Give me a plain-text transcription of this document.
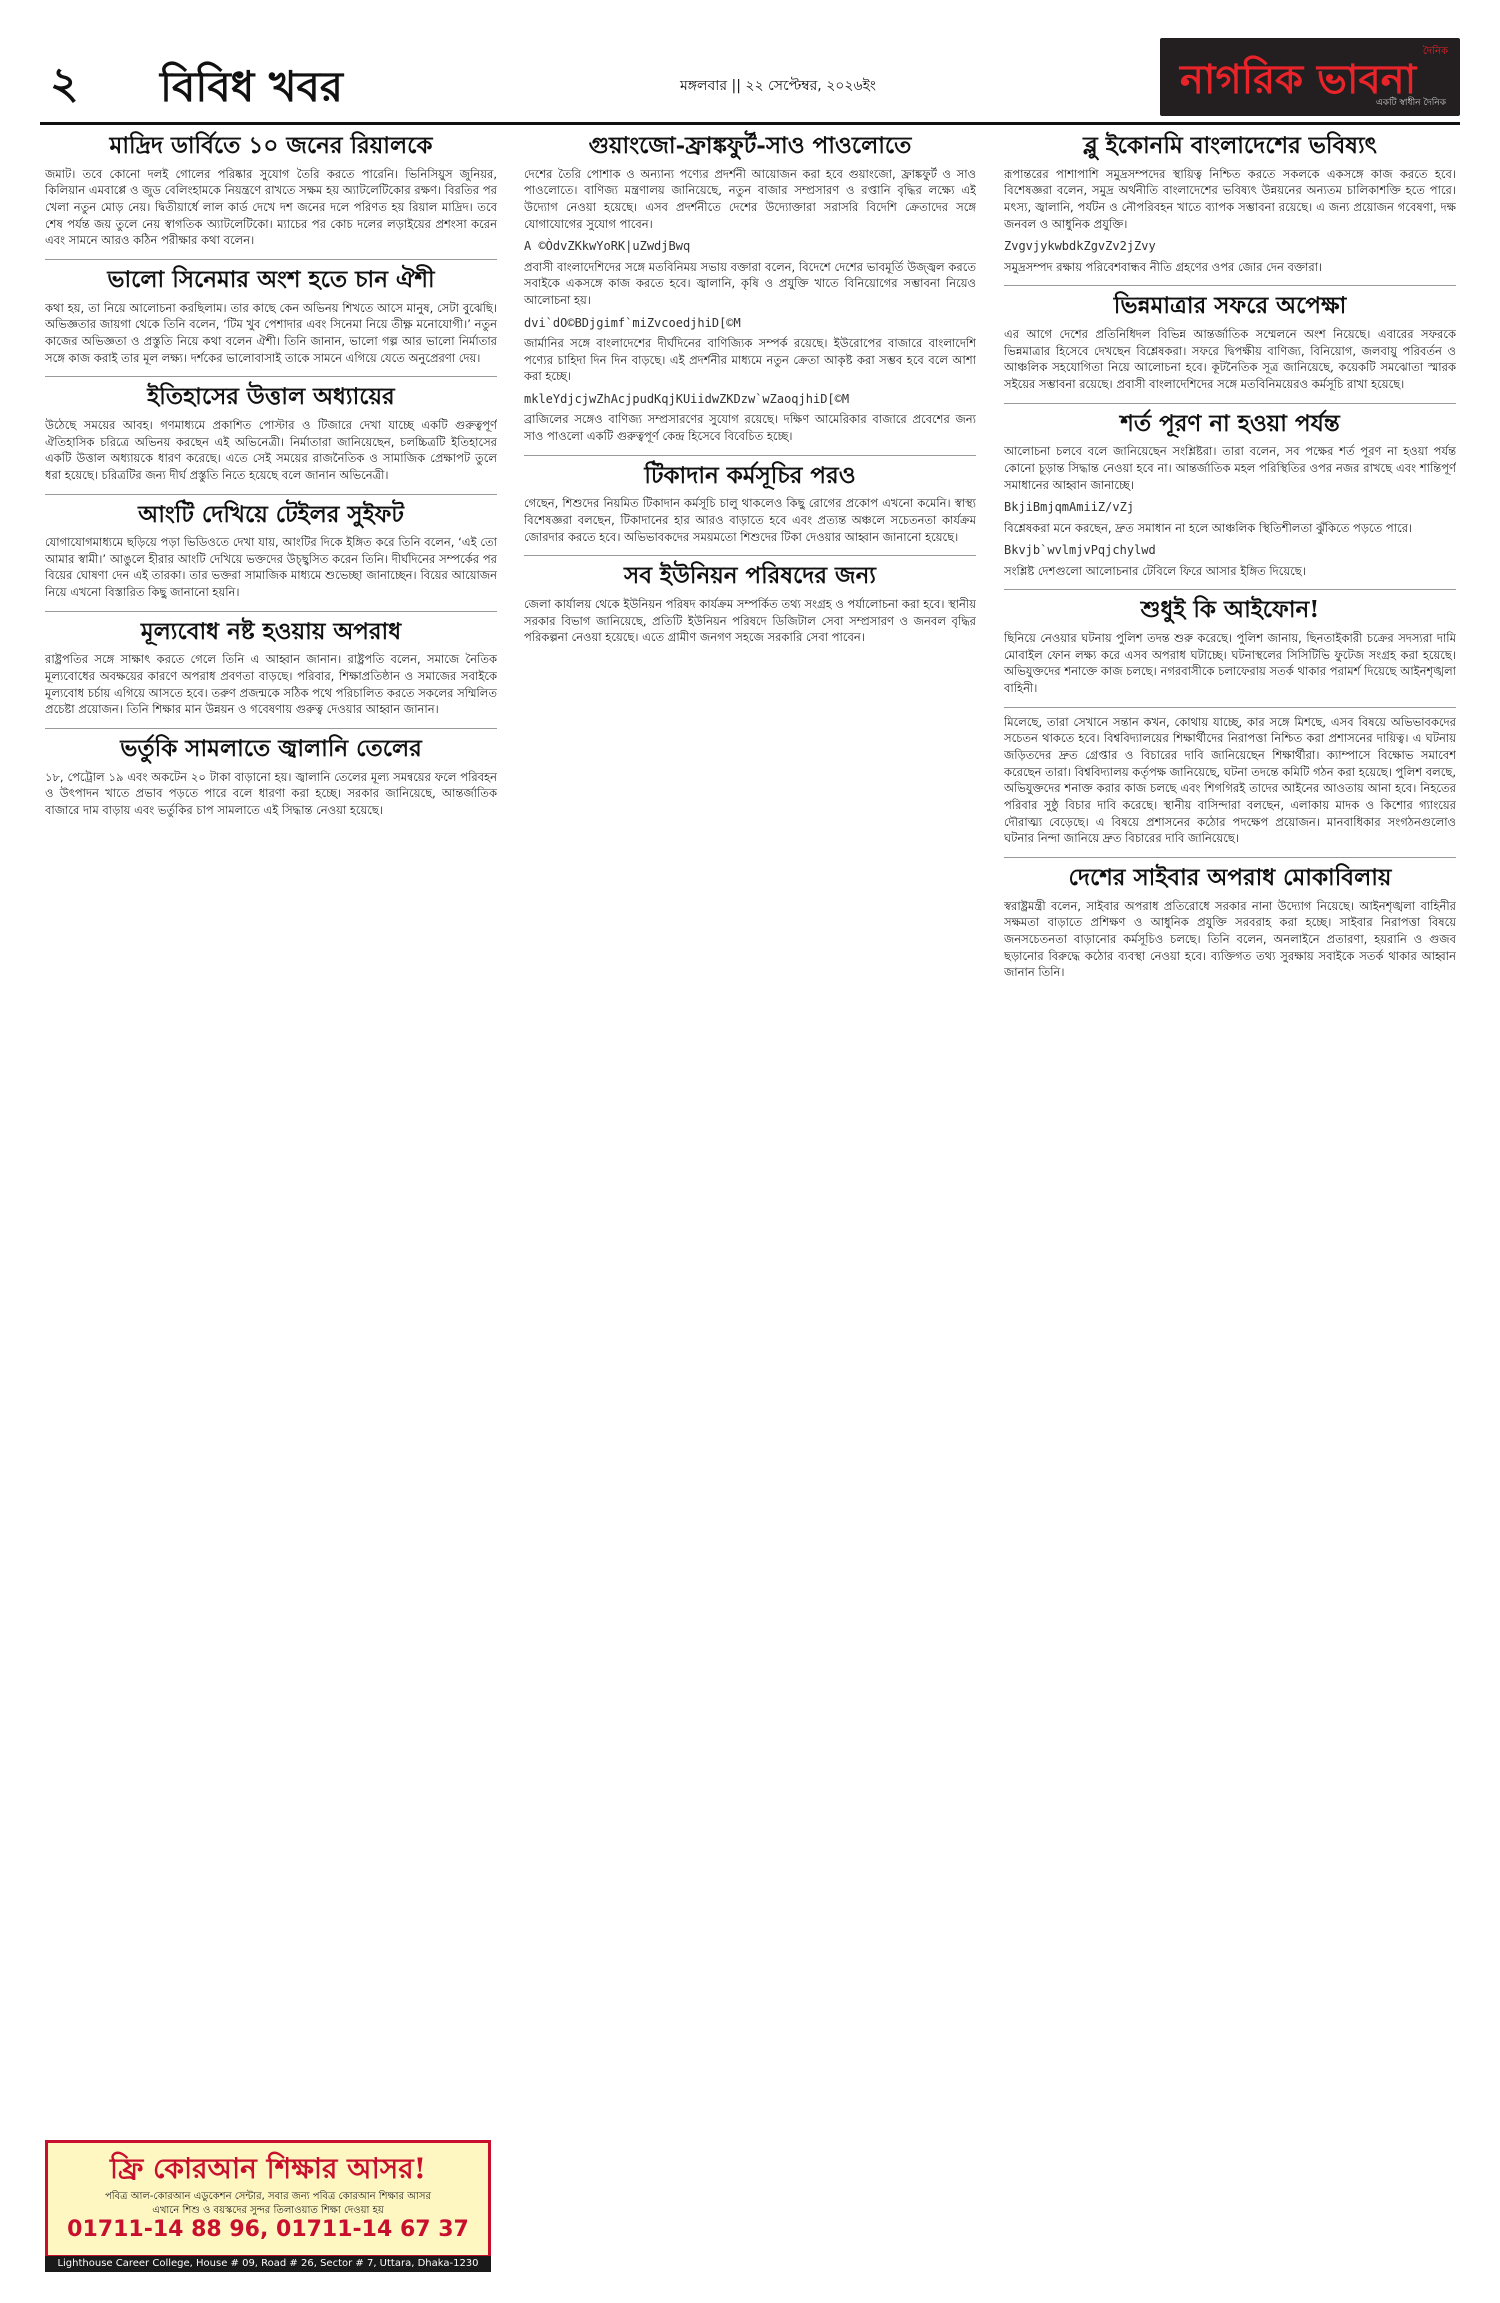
২ বিবিধ খবর	মঙ্গলবার || ২২ সেপ্টেম্বর, ২০২৬ইং
দৈনিক
নাগরিক ভাবনা
একটি স্বাধীন দৈনিক
মাদ্রিদ ডার্বিতে ১০ জনের রিয়ালকে

জমাট। তবে কোনো দলই গোলের পরিষ্কার সুযোগ তৈরি করতে পারেনি। ভিনিসিয়ুস জুনিয়র, কিলিয়ান এমবাপ্পে ও জুড বেলিংহামকে নিয়ন্ত্রণে রাখতে সক্ষম হয় অ্যাটলেটিকোর রক্ষণ। বিরতির পর খেলা নতুন মোড় নেয়। দ্বিতীয়ার্ধে লাল কার্ড দেখে দশ জনের দলে পরিণত হয় রিয়াল মাদ্রিদ। তবে শেষ পর্যন্ত জয় তুলে নেয় স্বাগতিক অ্যাটলেটিকো। ম্যাচের পর কোচ দলের লড়াইয়ের প্রশংসা করেন এবং সামনে আরও কঠিন পরীক্ষার কথা বলেন।

ভালো সিনেমার অংশ হতে চান ঐশী

কথা হয়, তা নিয়ে আলোচনা করছিলাম। তার কাছে কেন অভিনয় শিখতে আসে মানুষ, সেটা বুঝেছি। অভিজ্ঞতার জায়গা থেকে তিনি বলেন, ‘টিম খুব পেশাদার এবং সিনেমা নিয়ে তীক্ষ্ণ মনোযোগী।’ নতুন কাজের অভিজ্ঞতা ও প্রস্তুতি নিয়ে কথা বলেন ঐশী। তিনি জানান, ভালো গল্প আর ভালো নির্মাতার সঙ্গে কাজ করাই তার মূল লক্ষ্য। দর্শকের ভালোবাসাই তাকে সামনে এগিয়ে যেতে অনুপ্রেরণা দেয়।

ইতিহাসের উত্তাল অধ্যায়ের

উঠেছে সময়ের আবহ। গণমাধ্যমে প্রকাশিত পোস্টার ও টিজারে দেখা যাচ্ছে একটি গুরুত্বপূর্ণ ঐতিহাসিক চরিত্রে অভিনয় করছেন এই অভিনেত্রী। নির্মাতারা জানিয়েছেন, চলচ্চিত্রটি ইতিহাসের একটি উত্তাল অধ্যায়কে ধারণ করেছে। এতে সেই সময়ের রাজনৈতিক ও সামাজিক প্রেক্ষাপট তুলে ধরা হয়েছে। চরিত্রটির জন্য দীর্ঘ প্রস্তুতি নিতে হয়েছে বলে জানান অভিনেত্রী।

আংটি দেখিয়ে টেইলর সুইফট

যোগাযোগমাধ্যমে ছড়িয়ে পড়া ভিডিওতে দেখা যায়, আংটির দিকে ইঙ্গিত করে তিনি বলেন, ‘এই তো আমার স্বামী।’ আঙুলে হীরার আংটি দেখিয়ে ভক্তদের উচ্ছ্বসিত করেন তিনি। দীর্ঘদিনের সম্পর্কের পর বিয়ের ঘোষণা দেন এই তারকা। তার ভক্তরা সামাজিক মাধ্যমে শুভেচ্ছা জানাচ্ছেন। বিয়ের আয়োজন নিয়ে এখনো বিস্তারিত কিছু জানানো হয়নি।

মূল্যবোধ নষ্ট হওয়ায় অপরাধ

রাষ্ট্রপতির সঙ্গে সাক্ষাৎ করতে গেলে তিনি এ আহ্বান জানান। রাষ্ট্রপতি বলেন, সমাজে নৈতিক মূল্যবোধের অবক্ষয়ের কারণে অপরাধ প্রবণতা বাড়ছে। পরিবার, শিক্ষাপ্রতিষ্ঠান ও সমাজের সবাইকে মূল্যবোধ চর্চায় এগিয়ে আসতে হবে। তরুণ প্রজন্মকে সঠিক পথে পরিচালিত করতে সকলের সম্মিলিত প্রচেষ্টা প্রয়োজন। তিনি শিক্ষার মান উন্নয়ন ও গবেষণায় গুরুত্ব দেওয়ার আহ্বান জানান।

ভর্তুকি সামলাতে জ্বালানি তেলের

১৮, পেট্রোল ১৯ এবং অকটেন ২০ টাকা বাড়ানো হয়। জ্বালানি তেলের মূল্য সমন্বয়ের ফলে পরিবহন ও উৎপাদন খাতে প্রভাব পড়তে পারে বলে ধারণা করা হচ্ছে। সরকার জানিয়েছে, আন্তর্জাতিক বাজারে দাম বাড়ায় এবং ভর্তুকির চাপ সামলাতে এই সিদ্ধান্ত নেওয়া হয়েছে।

গুয়াংজো-ফ্রাঙ্কফুর্ট-সাও পাওলোতে

দেশের তৈরি পোশাক ও অন্যান্য পণ্যের প্রদর্শনী আয়োজন করা হবে গুয়াংজো, ফ্রাঙ্কফুর্ট ও সাও পাওলোতে। বাণিজ্য মন্ত্রণালয় জানিয়েছে, নতুন বাজার সম্প্রসারণ ও রপ্তানি বৃদ্ধির লক্ষ্যে এই উদ্যোগ নেওয়া হয়েছে। এসব প্রদর্শনীতে দেশের উদ্যোক্তারা সরাসরি বিদেশি ক্রেতাদের সঙ্গে যোগাযোগের সুযোগ পাবেন।

A ©ÒdvZKkwYoRK|uZwdjBwq

প্রবাসী বাংলাদেশিদের সঙ্গে মতবিনিময় সভায় বক্তারা বলেন, বিদেশে দেশের ভাবমূর্তি উজ্জ্বল করতে সবাইকে একসঙ্গে কাজ করতে হবে। জ্বালানি, কৃষি ও প্রযুক্তি খাতে বিনিয়োগের সম্ভাবনা নিয়েও আলোচনা হয়।

dvi`dO©BDjgimf`miZvcoedjhiD[©M

জার্মানির সঙ্গে বাংলাদেশের দীর্ঘদিনের বাণিজ্যিক সম্পর্ক রয়েছে। ইউরোপের বাজারে বাংলাদেশি পণ্যের চাহিদা দিন দিন বাড়ছে। এই প্রদর্শনীর মাধ্যমে নতুন ক্রেতা আকৃষ্ট করা সম্ভব হবে বলে আশা করা হচ্ছে।

mkleYdjcjwZhAcjpudKqjKUiidwZKDzw`wZaoqjhiD[©M

ব্রাজিলের সঙ্গেও বাণিজ্য সম্প্রসারণের সুযোগ রয়েছে। দক্ষিণ আমেরিকার বাজারে প্রবেশের জন্য সাও পাওলো একটি গুরুত্বপূর্ণ কেন্দ্র হিসেবে বিবেচিত হচ্ছে।

টিকাদান কর্মসূচির পরও

গেছেন, শিশুদের নিয়মিত টিকাদান কর্মসূচি চালু থাকলেও কিছু রোগের প্রকোপ এখনো কমেনি। স্বাস্থ্য বিশেষজ্ঞরা বলছেন, টিকাদানের হার আরও বাড়াতে হবে এবং প্রত্যন্ত অঞ্চলে সচেতনতা কার্যক্রম জোরদার করতে হবে। অভিভাবকদের সময়মতো শিশুদের টিকা দেওয়ার আহ্বান জানানো হয়েছে।

সব ইউনিয়ন পরিষদের জন্য

জেলা কার্যালয় থেকে ইউনিয়ন পরিষদ কার্যক্রম সম্পর্কিত তথ্য সংগ্রহ ও পর্যালোচনা করা হবে। স্থানীয় সরকার বিভাগ জানিয়েছে, প্রতিটি ইউনিয়ন পরিষদে ডিজিটাল সেবা সম্প্রসারণ ও জনবল বৃদ্ধির পরিকল্পনা নেওয়া হয়েছে। এতে গ্রামীণ জনগণ সহজে সরকারি সেবা পাবেন।

ব্লু ইকোনমি বাংলাদেশের ভবিষ্যৎ

রূপান্তরের পাশাপাশি সমুদ্রসম্পদের স্থায়িত্ব নিশ্চিত করতে সকলকে একসঙ্গে কাজ করতে হবে। বিশেষজ্ঞরা বলেন, সমুদ্র অর্থনীতি বাংলাদেশের ভবিষ্যৎ উন্নয়নের অন্যতম চালিকাশক্তি হতে পারে। মৎস্য, জ্বালানি, পর্যটন ও নৌপরিবহন খাতে ব্যাপক সম্ভাবনা রয়েছে। এ জন্য প্রয়োজন গবেষণা, দক্ষ জনবল ও আধুনিক প্রযুক্তি।

ZvgvjykwbdkZgvZv2jZvy

সমুদ্রসম্পদ রক্ষায় পরিবেশবান্ধব নীতি গ্রহণের ওপর জোর দেন বক্তারা।

ভিন্নমাত্রার সফরে অপেক্ষা

এর আগে দেশের প্রতিনিধিদল বিভিন্ন আন্তর্জাতিক সম্মেলনে অংশ নিয়েছে। এবারের সফরকে ভিন্নমাত্রার হিসেবে দেখছেন বিশ্লেষকরা। সফরে দ্বিপক্ষীয় বাণিজ্য, বিনিয়োগ, জলবায়ু পরিবর্তন ও আঞ্চলিক সহযোগিতা নিয়ে আলোচনা হবে। কূটনৈতিক সূত্র জানিয়েছে, কয়েকটি সমঝোতা স্মারক সইয়ের সম্ভাবনা রয়েছে। প্রবাসী বাংলাদেশিদের সঙ্গে মতবিনিময়েরও কর্মসূচি রাখা হয়েছে।

শর্ত পূরণ না হওয়া পর্যন্ত

আলোচনা চলবে বলে জানিয়েছেন সংশ্লিষ্টরা। তারা বলেন, সব পক্ষের শর্ত পূরণ না হওয়া পর্যন্ত কোনো চূড়ান্ত সিদ্ধান্ত নেওয়া হবে না। আন্তর্জাতিক মহল পরিস্থিতির ওপর নজর রাখছে এবং শান্তিপূর্ণ সমাধানের আহ্বান জানাচ্ছে।

BkjiBmjqmAmiiZ/vZj

বিশ্লেষকরা মনে করছেন, দ্রুত সমাধান না হলে আঞ্চলিক স্থিতিশীলতা ঝুঁকিতে পড়তে পারে।

Bkvjb`wvlmjvPqjchylwd

সংশ্লিষ্ট দেশগুলো আলোচনার টেবিলে ফিরে আসার ইঙ্গিত দিয়েছে।

শুধুই কি আইফোন!

ছিনিয়ে নেওয়ার ঘটনায় পুলিশ তদন্ত শুরু করেছে। পুলিশ জানায়, ছিনতাইকারী চক্রের সদস্যরা দামি মোবাইল ফোন লক্ষ্য করে এসব অপরাধ ঘটাচ্ছে। ঘটনাস্থলের সিসিটিভি ফুটেজ সংগ্রহ করা হয়েছে। অভিযুক্তদের শনাক্তে কাজ চলছে। নগরবাসীকে চলাফেরায় সতর্ক থাকার পরামর্শ দিয়েছে আইনশৃঙ্খলা বাহিনী।

মিলেছে, তারা সেখানে সন্তান কখন, কোথায় যাচ্ছে, কার সঙ্গে মিশছে, এসব বিষয়ে অভিভাবকদের সচেতন থাকতে হবে। বিশ্ববিদ্যালয়ের শিক্ষার্থীদের নিরাপত্তা নিশ্চিত করা প্রশাসনের দায়িত্ব। এ ঘটনায় জড়িতদের দ্রুত গ্রেপ্তার ও বিচারের দাবি জানিয়েছেন শিক্ষার্থীরা। ক্যাম্পাসে বিক্ষোভ সমাবেশ করেছেন তারা। বিশ্ববিদ্যালয় কর্তৃপক্ষ জানিয়েছে, ঘটনা তদন্তে কমিটি গঠন করা হয়েছে। পুলিশ বলছে, অভিযুক্তদের শনাক্ত করার কাজ চলছে এবং শিগগিরই তাদের আইনের আওতায় আনা হবে। নিহতের পরিবার সুষ্ঠু বিচার দাবি করেছে। স্থানীয় বাসিন্দারা বলছেন, এলাকায় মাদক ও কিশোর গ্যাংয়ের দৌরাত্ম্য বেড়েছে। এ বিষয়ে প্রশাসনের কঠোর পদক্ষেপ প্রয়োজন। মানবাধিকার সংগঠনগুলোও ঘটনার নিন্দা জানিয়ে দ্রুত বিচারের দাবি জানিয়েছে।

দেশের সাইবার অপরাধ মোকাবিলায়

স্বরাষ্ট্রমন্ত্রী বলেন, সাইবার অপরাধ প্রতিরোধে সরকার নানা উদ্যোগ নিয়েছে। আইনশৃঙ্খলা বাহিনীর সক্ষমতা বাড়াতে প্রশিক্ষণ ও আধুনিক প্রযুক্তি সরবরাহ করা হচ্ছে। সাইবার নিরাপত্তা বিষয়ে জনসচেতনতা বাড়ানোর কর্মসূচিও চলছে। তিনি বলেন, অনলাইনে প্রতারণা, হয়রানি ও গুজব ছড়ানোর বিরুদ্ধে কঠোর ব্যবস্থা নেওয়া হবে। ব্যক্তিগত তথ্য সুরক্ষায় সবাইকে সতর্ক থাকার আহ্বান জানান তিনি।

ফ্রি কোরআন শিক্ষার আসর!
পবিত্র আল-কোরআন এডুকেশন সেন্টার, সবার জন্য পবিত্র কোরআন শিক্ষার আসর
এখানে শিশু ও বয়স্কদের সুন্দর তিলাওয়াত শিক্ষা দেওয়া হয়
01711-14 88 96, 01711-14 67 37
Lighthouse Career College, House # 09, Road # 26, Sector # 7, Uttara, Dhaka-1230
